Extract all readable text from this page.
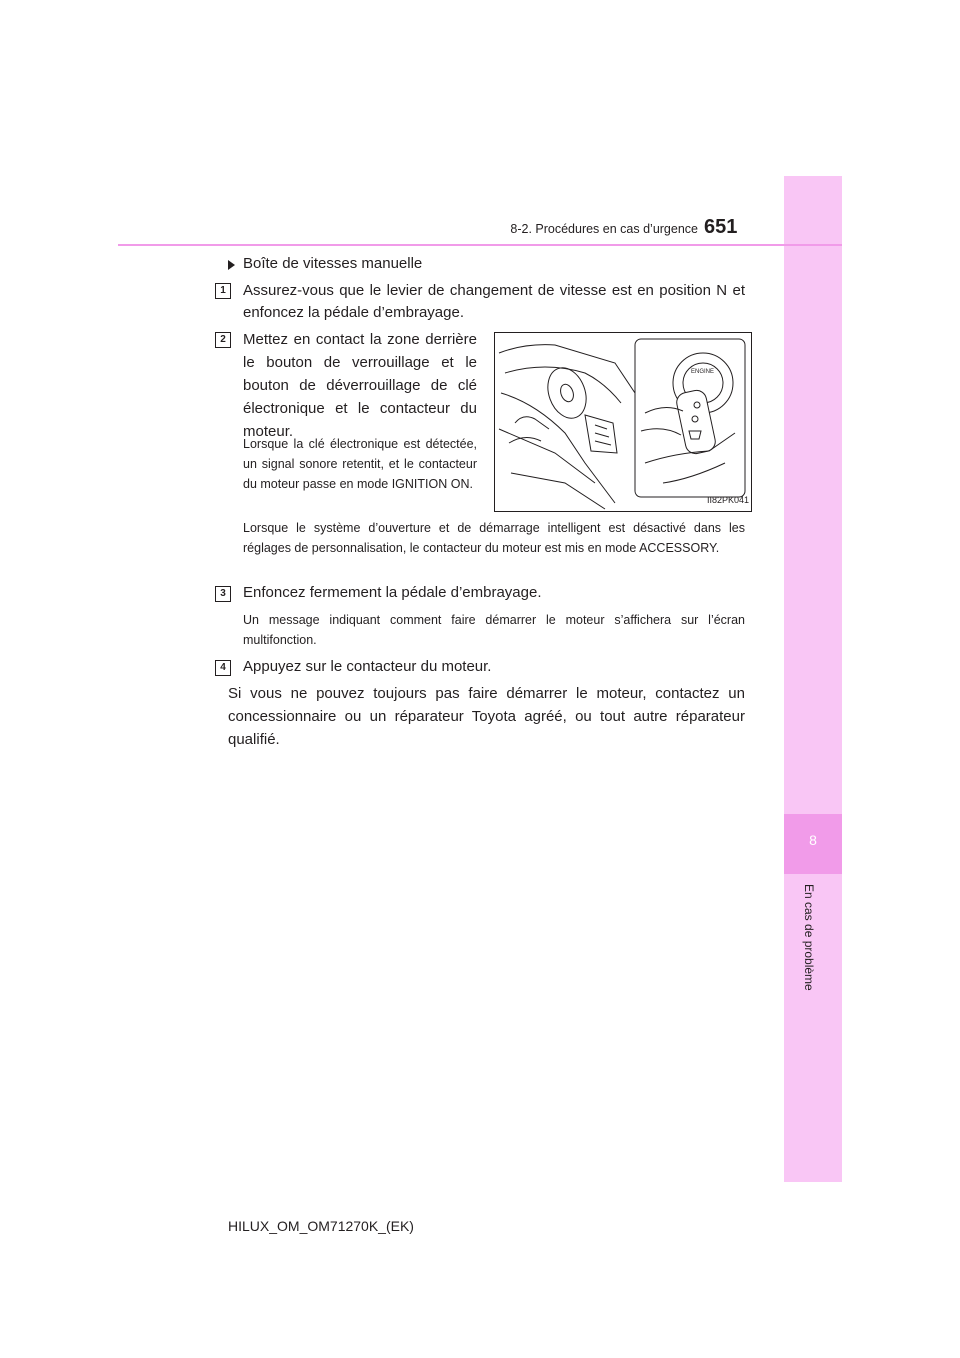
8
En cas de problème
8-2. Procédures en cas d’urgence 651
Boîte de vitesses manuelle
1	Assurez-vous que le levier de changement de vitesse est en position N et enfoncez la pédale d’embrayage.
2	Mettez en contact la zone derrière le bouton de verrouillage et le bouton de déverrouillage de clé électronique et le contacteur du moteur.
Lorsque la clé électronique est détectée, un signal sonore retentit, et le contacteur du moteur passe en mode IGNITION ON.
Lorsque le système d’ouverture et de démarrage intelligent est désactivé dans les réglages de personnalisation, le contacteur du moteur est mis en mode ACCESSORY.
ENGINE
II82PK041
3	Enfoncez fermement la pédale d’embrayage.
Un message indiquant comment faire démarrer le moteur s’affichera sur l’écran multifonction.
4	Appuyez sur le contacteur du moteur.
Si vous ne pouvez toujours pas faire démarrer le moteur, contactez un concessionnaire ou un réparateur Toyota agréé, ou tout autre réparateur qualifié.
HILUX_OM_OM71270K_(EK)
